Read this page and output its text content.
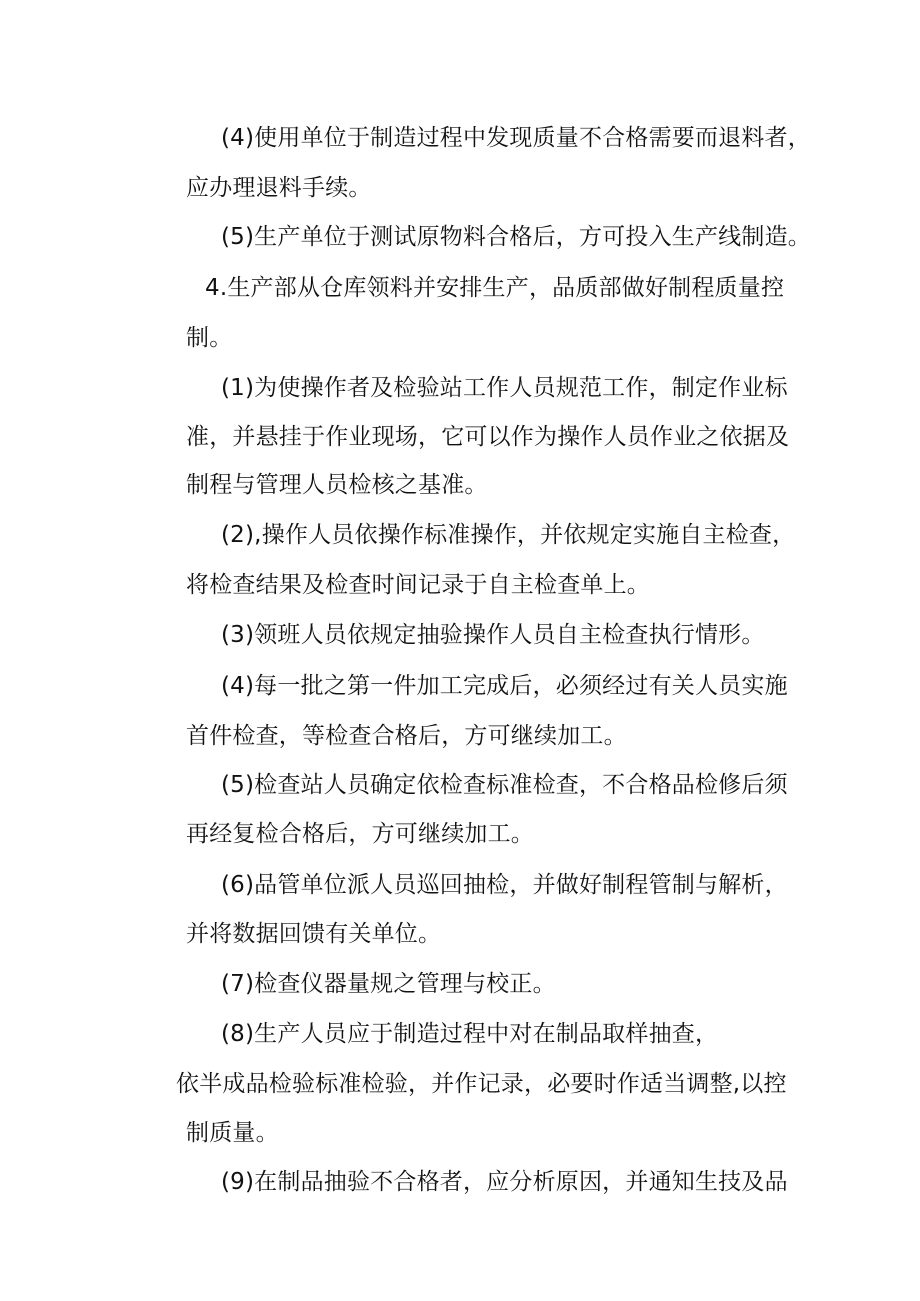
(4)使用单位于制造过程中发现质量不合格需要而退料者，
应办理退料手续。
(5)生产单位于测试原物料合格后，方可投入生产线制造。
4.生产部从仓库领料并安排生产，品质部做好制程质量控
制。
(1)为使操作者及检验站工作人员规范工作，制定作业标
准，并悬挂于作业现场，它可以作为操作人员作业之依据及
制程与管理人员检核之基准。
(2),操作人员依操作标准操作，并依规定实施自主检查，
将检查结果及检查时间记录于自主检查单上。
(3)领班人员依规定抽验操作人员自主检查执行情形。
(4)每一批之第一件加工完成后，必须经过有关人员实施
首件检查，等检查合格后，方可继续加工。
(5)检查站人员确定依检查标准检查，不合格品检修后须
再经复检合格后，方可继续加工。
(6)品管单位派人员巡回抽检，并做好制程管制与解析，
并将数据回馈有关单位。
(7)检查仪器量规之管理与校正。
(8)生产人员应于制造过程中对在制品取样抽查，
依半成品检验标准检验，并作记录，必要时作适当调整,以控
制质量。
(9)在制品抽验不合格者，应分析原因，并通知生技及品
